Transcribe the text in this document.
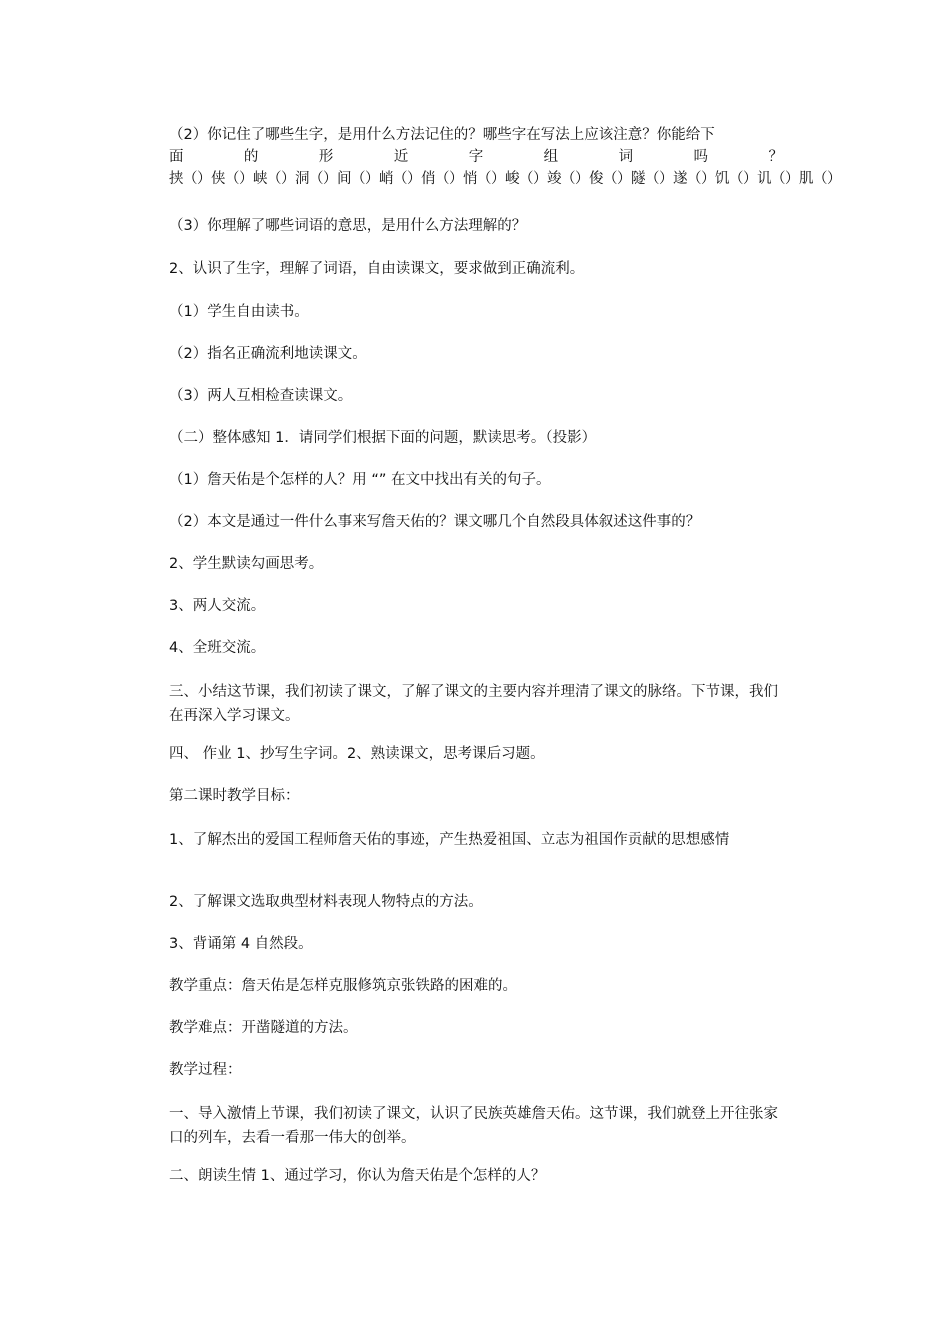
（2）你记住了哪些生字，是用什么方法记住的？哪些字在写法上应该注意？你能给下

面 的 形 近 字 组 词 吗 ？

挟（）侠（）峡（）洞（）间（）峭（）俏（）悄（）峻（）竣（）俊（）隧（）遂（）饥（）讥（）肌（）

（3）你理解了哪些词语的意思，是用什么方法理解的？

2、认识了生字，理解了词语，自由读课文，要求做到正确流利。

（1）学生自由读书。

（2）指名正确流利地读课文。

（3）两人互相检查读课文。

（二）整体感知 1．请同学们根据下面的问题，默读思考。（投影）

（1）詹天佑是个怎样的人？用 “” 在文中找出有关的句子。

（2）本文是通过一件什么事来写詹天佑的？课文哪几个自然段具体叙述这件事的？

2、学生默读勾画思考。

3、两人交流。

4、全班交流。

三、小结这节课，我们初读了课文，了解了课文的主要内容并理清了课文的脉络。下节课，我们在再深入学习课文。

四、 作业 1、抄写生字词。2、熟读课文，思考课后习题。

第二课时教学目标：

1、了解杰出的爱国工程师詹天佑的事迹，产生热爱祖国、立志为祖国作贡献的思想感情

2、了解课文选取典型材料表现人物特点的方法。

3、背诵第 4 自然段。

教学重点：詹天佑是怎样克服修筑京张铁路的困难的。

教学难点：开凿隧道的方法。

教学过程：

一、导入激情上节课，我们初读了课文，认识了民族英雄詹天佑。这节课，我们就登上开往张家口的列车，去看一看那一伟大的创举。

二、朗读生情 1、通过学习，你认为詹天佑是个怎样的人？
